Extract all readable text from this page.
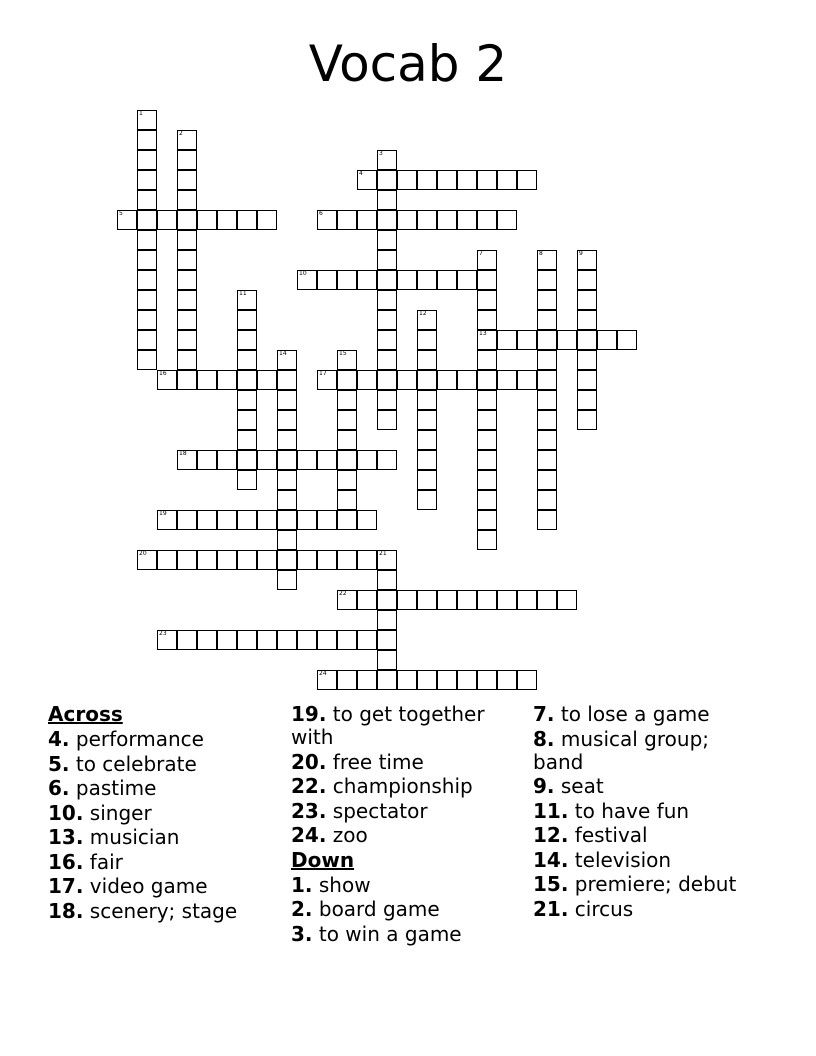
Vocab 2
1
2
3
4
5	6
7
13
8	9
10
11
12
14	15
16	17
18
19
20	21
22
23
24
Across
4. performance
5. to celebrate
6. pastime
10. singer
13. musician
16. fair
17. video game
18. scenery; stage
19. to get together with
20. free time
22. championship
23. spectator
24. zoo
Down
1. show
2. board game
3. to win a game
7. to lose a game
8. musical group; band
9. seat
11. to have fun
12. festival
14. television
15. premiere; debut
21. circus
